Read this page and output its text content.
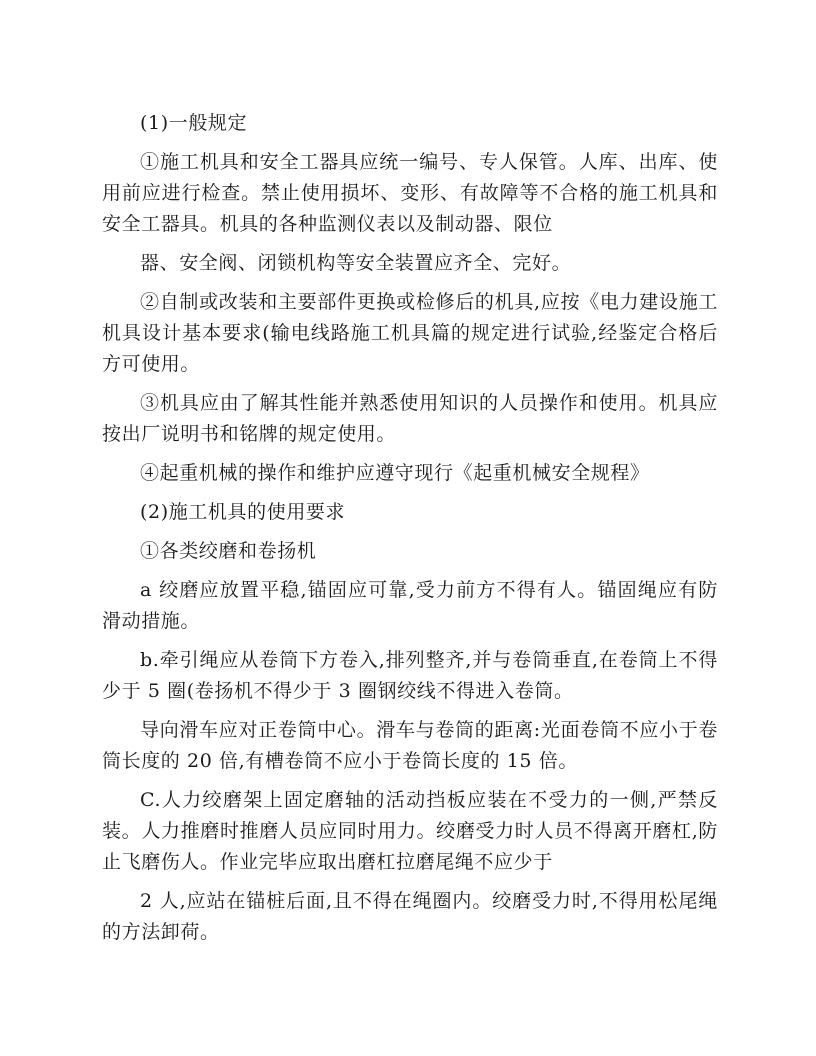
(1)一般规定

①施工机具和安全工器具应统一编号、专人保管。人库、出库、使用前应进行检查。禁止使用损坏、变形、有故障等不合格的施工机具和安全工器具。机具的各种监测仪表以及制动器、限位

器、安全阀、闭锁机构等安全装置应齐全、完好。

②自制或改装和主要部件更换或检修后的机具,应按《电力建设施工机具设计基本要求(输电线路施工机具篇的规定进行试验,经鉴定合格后方可使用。

③机具应由了解其性能并熟悉使用知识的人员操作和使用。机具应按出厂说明书和铭牌的规定使用。

④起重机械的操作和维护应遵守现行《起重机械安全规程》

(2)施工机具的使用要求

①各类绞磨和卷扬机

a 绞磨应放置平稳,锚固应可靠,受力前方不得有人。锚固绳应有防滑动措施。

b.牵引绳应从卷筒下方卷入,排列整齐,并与卷筒垂直,在卷筒上不得少于 5 圈(卷扬机不得少于 3 圈钢绞线不得进入卷筒。

导向滑车应对正卷筒中心。滑车与卷筒的距离:光面卷筒不应小于卷筒长度的 20 倍,有槽卷筒不应小于卷筒长度的 15 倍。

C.人力绞磨架上固定磨轴的活动挡板应装在不受力的一侧,严禁反装。人力推磨时推磨人员应同时用力。绞磨受力时人员不得离开磨杠,防止飞磨伤人。作业完毕应取出磨杠拉磨尾绳不应少于

2 人,应站在锚桩后面,且不得在绳圈内。绞磨受力时,不得用松尾绳的方法卸荷。
